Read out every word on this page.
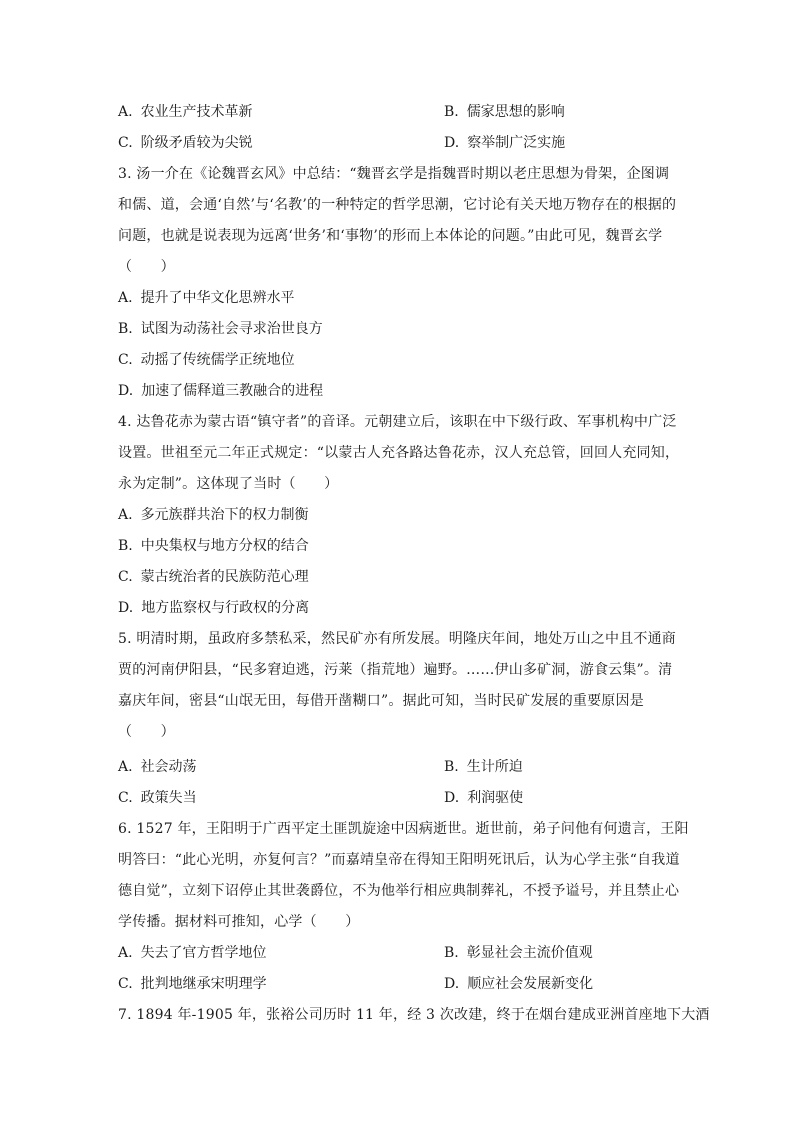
A. 农业生产技术革新	B. 儒家思想的影响
C. 阶级矛盾较为尖锐	D. 察举制广泛实施
3. 汤一介在《论魏晋玄风》中总结：“魏晋玄学是指魏晋时期以老庄思想为骨架，企图调
和儒、道，会通‘自然’与‘名教’的一种特定的哲学思潮，它讨论有关天地万物存在的根据的
问题，也就是说表现为远离‘世务’和‘事物’的形而上本体论的问题。”由此可见，魏晋玄学
（　　）
A. 提升了中华文化思辨水平
B. 试图为动荡社会寻求治世良方
C. 动摇了传统儒学正统地位
D. 加速了儒释道三教融合的进程
4. 达鲁花赤为蒙古语“镇守者”的音译。元朝建立后，该职在中下级行政、军事机构中广泛
设置。世祖至元二年正式规定：“以蒙古人充各路达鲁花赤，汉人充总管，回回人充同知，
永为定制”。这体现了当时（　　）
A. 多元族群共治下的权力制衡
B. 中央集权与地方分权的结合
C. 蒙古统治者的民族防范心理
D. 地方监察权与行政权的分离
5. 明清时期，虽政府多禁私采，然民矿亦有所发展。明隆庆年间，地处万山之中且不通商
贾的河南伊阳县，“民多窘迫逃，污莱（指荒地）遍野。……伊山多矿洞，游食云集”。清
嘉庆年间，密县“山氓无田，每借开凿糊口”。据此可知，当时民矿发展的重要原因是
（　　）
A. 社会动荡	B. 生计所迫
C. 政策失当	D. 利润驱使
6. 1527 年，王阳明于广西平定土匪凯旋途中因病逝世。逝世前，弟子问他有何遗言，王阳
明答曰：“此心光明，亦复何言？”而嘉靖皇帝在得知王阳明死讯后，认为心学主张“自我道
德自觉”，立刻下诏停止其世袭爵位，不为他举行相应典制葬礼，不授予谥号，并且禁止心
学传播。据材料可推知，心学（　　）
A. 失去了官方哲学地位	B. 彰显社会主流价值观
C. 批判地继承宋明理学	D. 顺应社会发展新变化
7. 1894 年-1905 年，张裕公司历时 11 年，经 3 次改建，终于在烟台建成亚洲首座地下大酒
